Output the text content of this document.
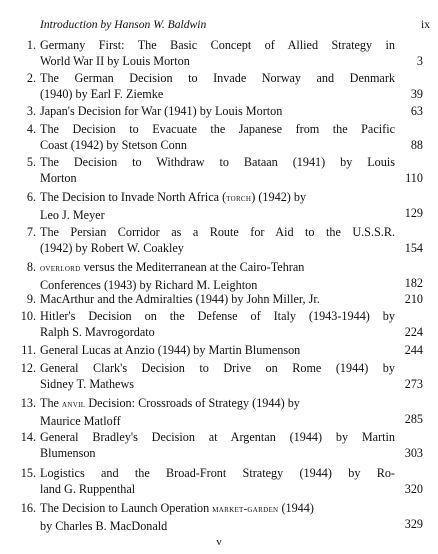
Introduction by Hanson W. Baldwin	ix
1. Germany First: The Basic Concept of Allied Strategy in
World War II by Louis Morton	3
2. The German Decision to Invade Norway and Denmark
(1940) by Earl F. Ziemke	39
3. Japan's Decision for War (1941) by Louis Morton	63
4. The Decision to Evacuate the Japanese from the Pacific
Coast (1942) by Stetson Conn	88
5. The Decision to Withdraw to Bataan (1941) by Louis
Morton	110
6. The Decision to Invade North Africa (torch) (1942) by
Leo J. Meyer	129
7. The Persian Corridor as a Route for Aid to the U.S.S.R.
(1942) by Robert W. Coakley	154
8. overlord versus the Mediterranean at the Cairo-Tehran
Conferences (1943) by Richard M. Leighton	182
9. MacArthur and the Admiralties (1944) by John Miller, Jr.	210
10. Hitler's Decision on the Defense of Italy (1943-1944) by
Ralph S. Mavrogordato	224
11. General Lucas at Anzio (1944) by Martin Blumenson	244
12. General Clark's Decision to Drive on Rome (1944) by
Sidney T. Mathews	273
13. The anvil Decision: Crossroads of Strategy (1944) by
Maurice Matloff	285
14. General Bradley's Decision at Argentan (1944) by Martin
Blumenson	303
15. Logistics and the Broad-Front Strategy (1944) by Ro-
land G. Ruppenthal	320
16. The Decision to Launch Operation market-garden (1944)
by Charles B. MacDonald	329
v
